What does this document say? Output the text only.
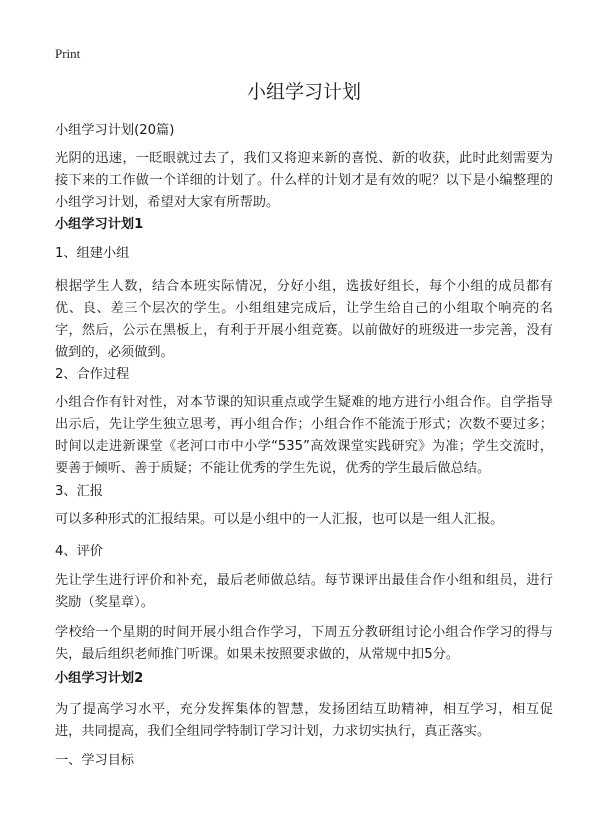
Print
小组学习计划
小组学习计划(20篇)
光阴的迅速，一眨眼就过去了，我们又将迎来新的喜悦、新的收获，此时此刻需要为接下来的工作做一个详细的计划了。什么样的计划才是有效的呢？以下是小编整理的小组学习计划，希望对大家有所帮助。
小组学习计划1
1、组建小组
根据学生人数，结合本班实际情况，分好小组，选拔好组长，每个小组的成员都有优、良、差三个层次的学生。小组组建完成后，让学生给自己的小组取个响亮的名字，然后，公示在黑板上，有利于开展小组竞赛。以前做好的班级进一步完善，没有做到的，必须做到。
2、合作过程
小组合作有针对性，对本节课的知识重点或学生疑难的地方进行小组合作。自学指导出示后，先让学生独立思考，再小组合作；小组合作不能流于形式；次数不要过多；时间以走进新课堂《老河口市中小学“535”高效课堂实践研究》为准；学生交流时，要善于倾听、善于质疑；不能让优秀的学生先说，优秀的学生最后做总结。
3、汇报
可以多种形式的汇报结果。可以是小组中的一人汇报，也可以是一组人汇报。
4、评价
先让学生进行评价和补充，最后老师做总结。每节课评出最佳合作小组和组员，进行奖励（奖星章）。
学校给一个星期的时间开展小组合作学习，下周五分教研组讨论小组合作学习的得与失，最后组织老师推门听课。如果未按照要求做的，从常规中扣5分。
小组学习计划2
为了提高学习水平，充分发挥集体的智慧，发扬团结互助精神，相互学习，相互促进，共同提高，我们全组同学特制订学习计划，力求切实执行，真正落实。
一、学习目标
